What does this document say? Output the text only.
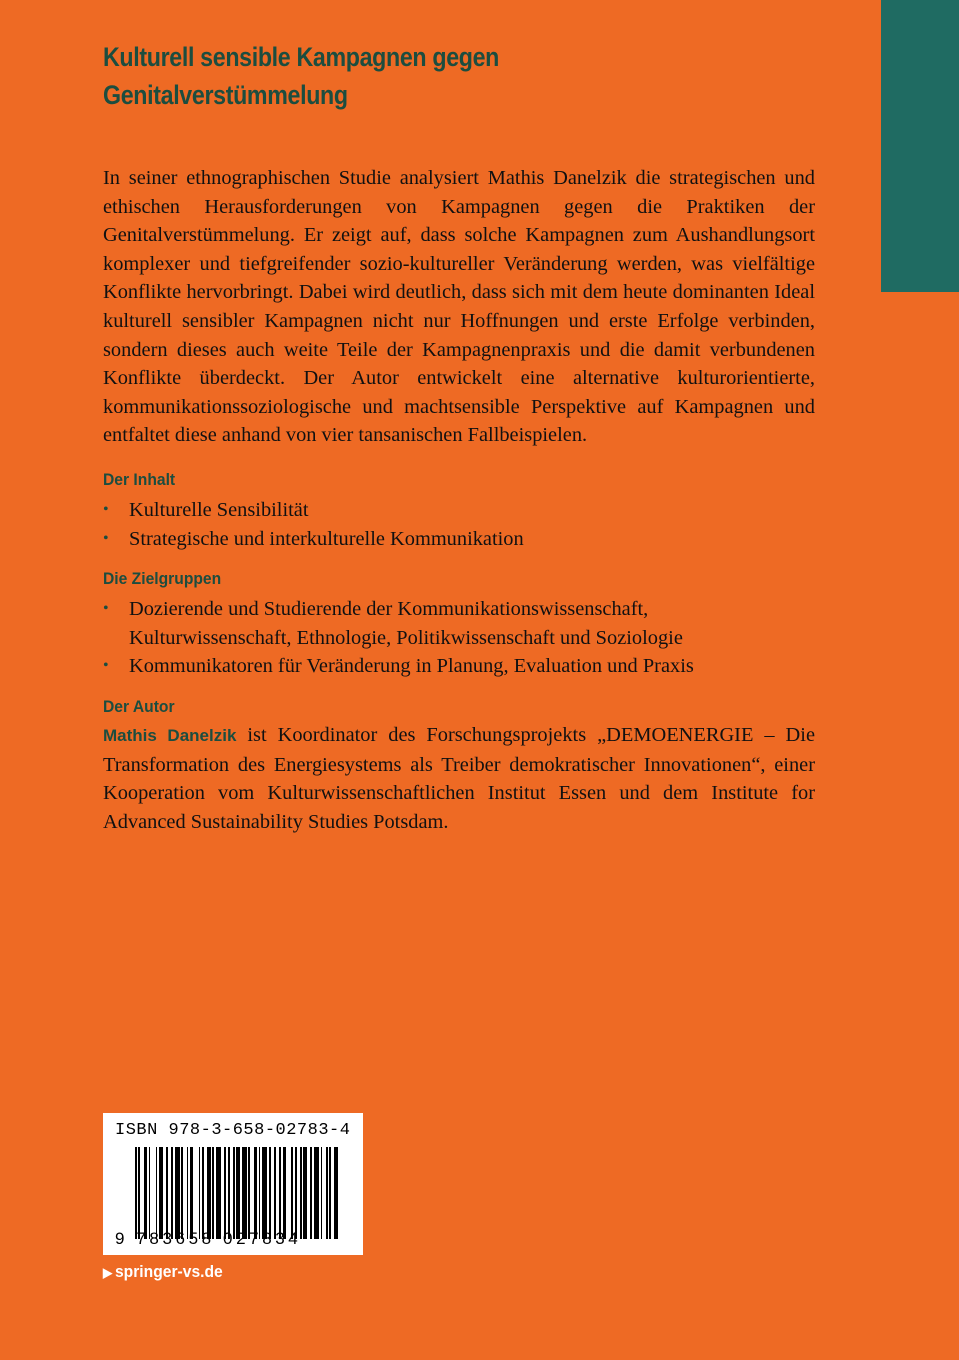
Kulturell sensible Kampagnen gegen
Genitalverstümmelung

In seiner ethnographischen Studie analysiert Mathis Danelzik die strategischen und ethischen Herausforderungen von Kampagnen gegen die Praktiken der Genitalverstümmelung. Er zeigt auf, dass solche Kampagnen zum Aushandlungsort komplexer und tiefgreifender sozio-kultureller Veränderung werden, was vielfältige Konflikte hervorbringt. Dabei wird deutlich, dass sich mit dem heute dominanten Ideal kulturell sensibler Kampagnen nicht nur Hoffnungen und erste Erfolge verbinden, sondern dieses auch weite Teile der Kampagnenpraxis und die damit verbundenen Konflikte überdeckt. Der Autor entwickelt eine alternative kulturorientierte, kommunikationssoziologische und machtsensible Perspektive auf Kampagnen und entfaltet diese anhand von vier tansanischen Fallbeispielen.

Der Inhalt
• Kulturelle Sensibilität
• Strategische und interkulturelle Kommunikation
Die Zielgruppen
• Dozierende und Studierende der Kommunikationswissenschaft, Kulturwissenschaft, Ethnologie, Politikwissenschaft und Soziologie
• Kommunikatoren für Veränderung in Planung, Evaluation und Praxis
Der Autor

Mathis Danelzik ist Koordinator des Forschungsprojekts „DEMOENERGIE – Die Transformation des Energiesystems als Treiber demokratischer Innovationen“, einer Kooperation vom Kulturwissenschaftlichen Institut Essen und dem Institute for Advanced Sustainability Studies Potsdam.

ISBN 978-3-658-02783-4
9 783658 027834
▶ springer-vs.de
